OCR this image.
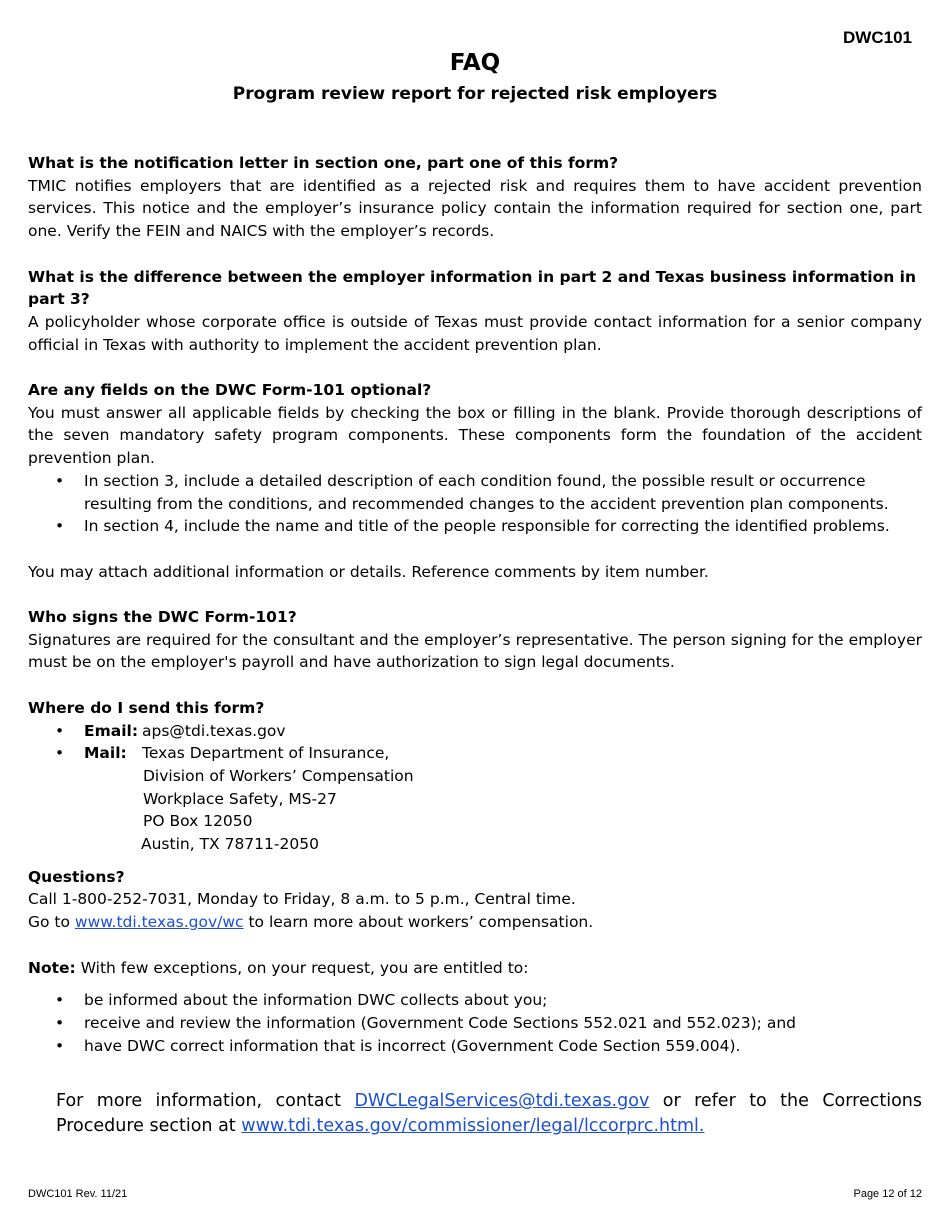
DWC101
FAQ
Program review report for rejected risk employers

What is the notification letter in section one, part one of this form?

TMIC notifies employers that are identified as a rejected risk and requires them to have accident prevention services. This notice and the employer’s insurance policy contain the information required for section one, part one. Verify the FEIN and NAICS with the employer’s records.

What is the difference between the employer information in part 2 and Texas business information in part 3?

A policyholder whose corporate office is outside of Texas must provide contact information for a senior company official in Texas with authority to implement the accident prevention plan.

Are any fields on the DWC Form-101 optional?

You must answer all applicable fields by checking the box or filling in the blank. Provide thorough descriptions of the seven mandatory safety program components. These components form the foundation of the accident prevention plan.

• In section 3, include a detailed description of each condition found, the possible result or occurrence resulting from the conditions, and recommended changes to the accident prevention plan components.
• In section 4, include the name and title of the people responsible for correcting the identified problems.

You may attach additional information or details. Reference comments by item number.

Who signs the DWC Form-101?

Signatures are required for the consultant and the employer’s representative. The person signing for the employer must be on the employer's payroll and have authorization to sign legal documents.

Where do I send this form?

• Email: aps@tdi.texas.gov
• Mail: Texas Department of Insurance,
Division of Workers’ Compensation
Workplace Safety, MS-27
PO Box 12050
Austin, TX 78711-2050

Questions?

Call 1-800-252-7031, Monday to Friday, 8 a.m. to 5 p.m., Central time.

Go to www.tdi.texas.gov/wc to learn more about workers’ compensation.

Note: With few exceptions, on your request, you are entitled to:

• be informed about the information DWC collects about you;
• receive and review the information (Government Code Sections 552.021 and 552.023); and
• have DWC correct information that is incorrect (Government Code Section 559.004).

For more information, contact DWCLegalServices@tdi.texas.gov or refer to the Corrections Procedure section at www.tdi.texas.gov/commissioner/legal/lccorprc.html.

DWC101 Rev. 11/21	Page 12 of 12
